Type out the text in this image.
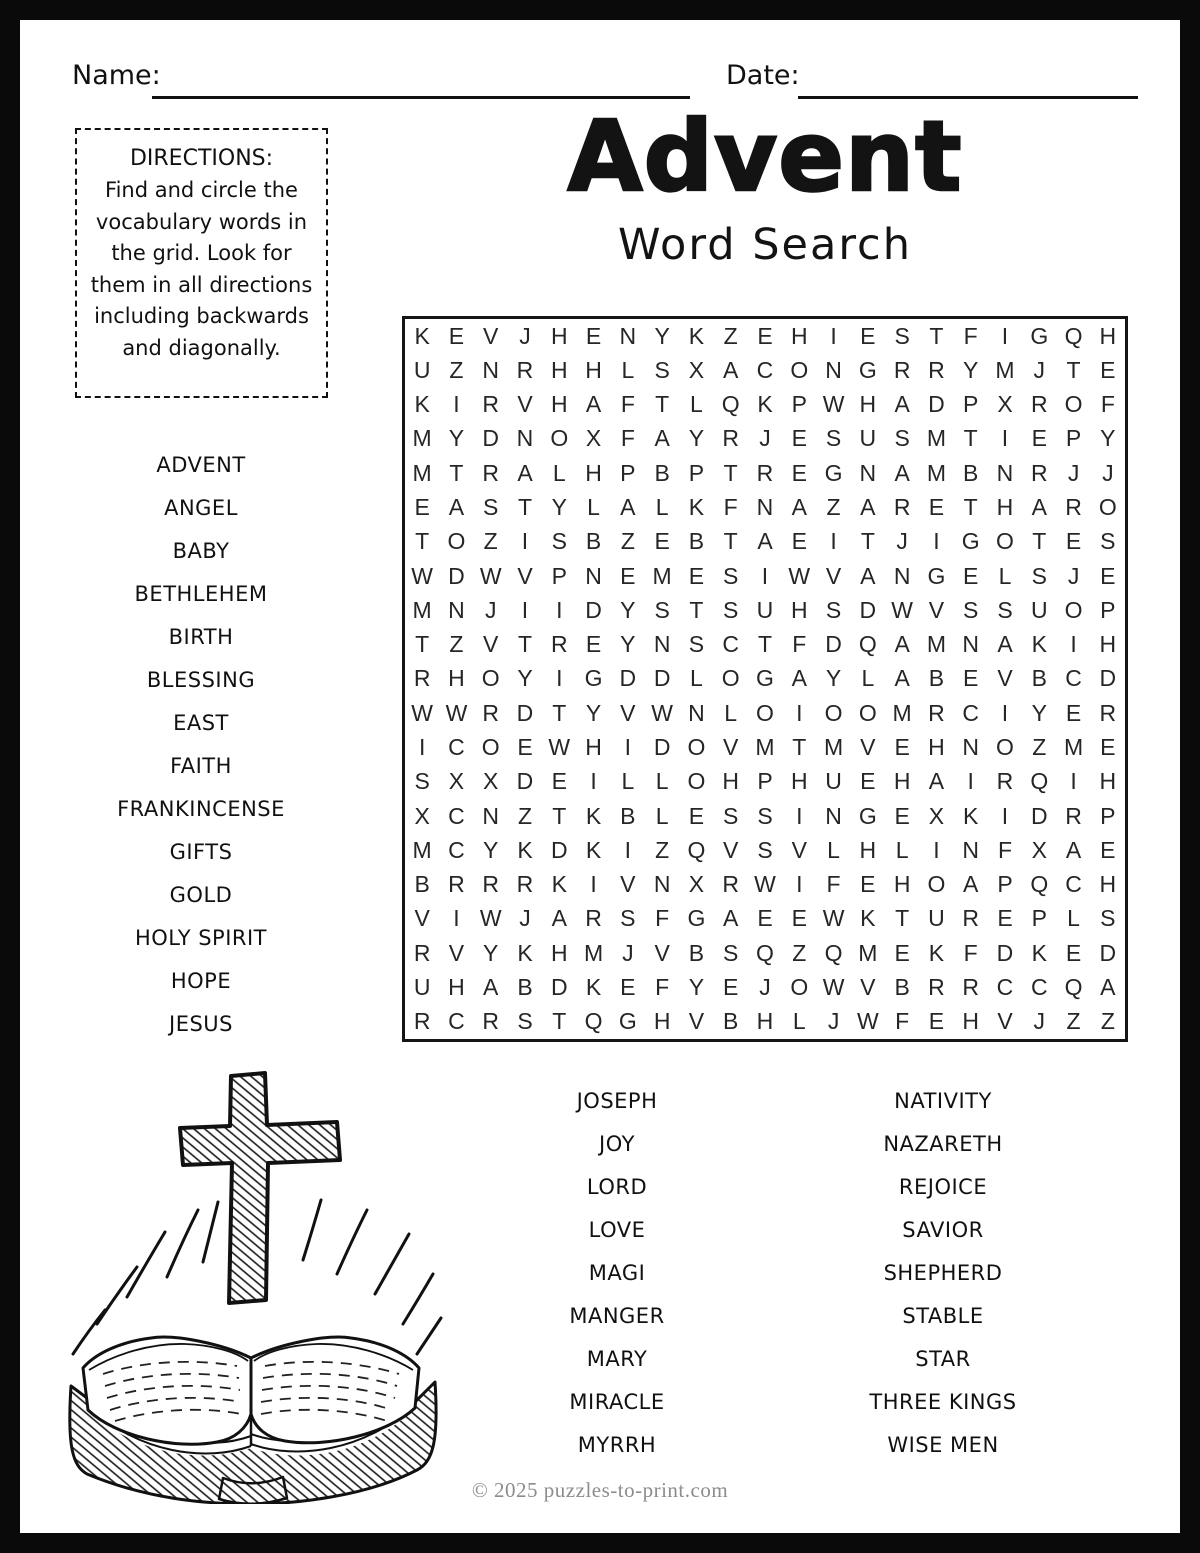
Name:	Date:
DIRECTIONS:
Find and circle the vocabulary words in the grid. Look for them in all directions including backwards and diagonally.
Advent
Word Search
K E V J H E N Y K Z E H I	E S T F	I G Q H
U Z N R H H L S X A C O N G R R Y M J T E
K	I R V H A F T L Q K P W H A D P X R O F
M Y D N O X F A Y R J E S U S M T	I	E P Y
M T R A L H P B P T R E G N A M B N R J J
E A S T Y L A L K F N A Z A R E T H A R O
T O Z	I	S B Z E B T A E	I	T J	I G O T E S
W D W V P N E M E S	I W V A N G E L S J E
M N J	I	I D Y S T S U H S D W V S S U O P
T Z V T R E Y N S C T F D Q A M N A K	I H
R H O Y	I G D D L O G A Y L A B E V B C D
W W R D T Y V W N L O I O O M R C I	Y E R
I C O E W H I D O V M T M V E H N O Z M E
S X X D E	I	L L O H P H U E H A	I R Q I H
X C N Z T K B L E S S	I N G E X K	I D R P
M C Y K D K	I	Z Q V S V L H L	I N F X A E
B R R R K	I	V N X R W I	F E H O A P Q C H
V	I W J A R S F G A E E W K T U R E P L S
R V Y K H M J V B S Q Z Q M E K F D K E D
U H A B D K E F Y E J O W V B R R C C Q A
R C R S T Q G H V B H L J W F E H V J Z Z
ADVENT
ANGEL
BABY
BETHLEHEM
BIRTH
BLESSING
EAST
FAITH
FRANKINCENSE
GIFTS
GOLD
HOLY SPIRIT
HOPE
JESUS
JOSEPH
JOY
LORD
LOVE
MAGI
MANGER
MARY
MIRACLE
MYRRH
NATIVITY
NAZARETH
REJOICE
SAVIOR
SHEPHERD
STABLE
STAR
THREE KINGS
WISE MEN
© 2025 puzzles-to-print.com
